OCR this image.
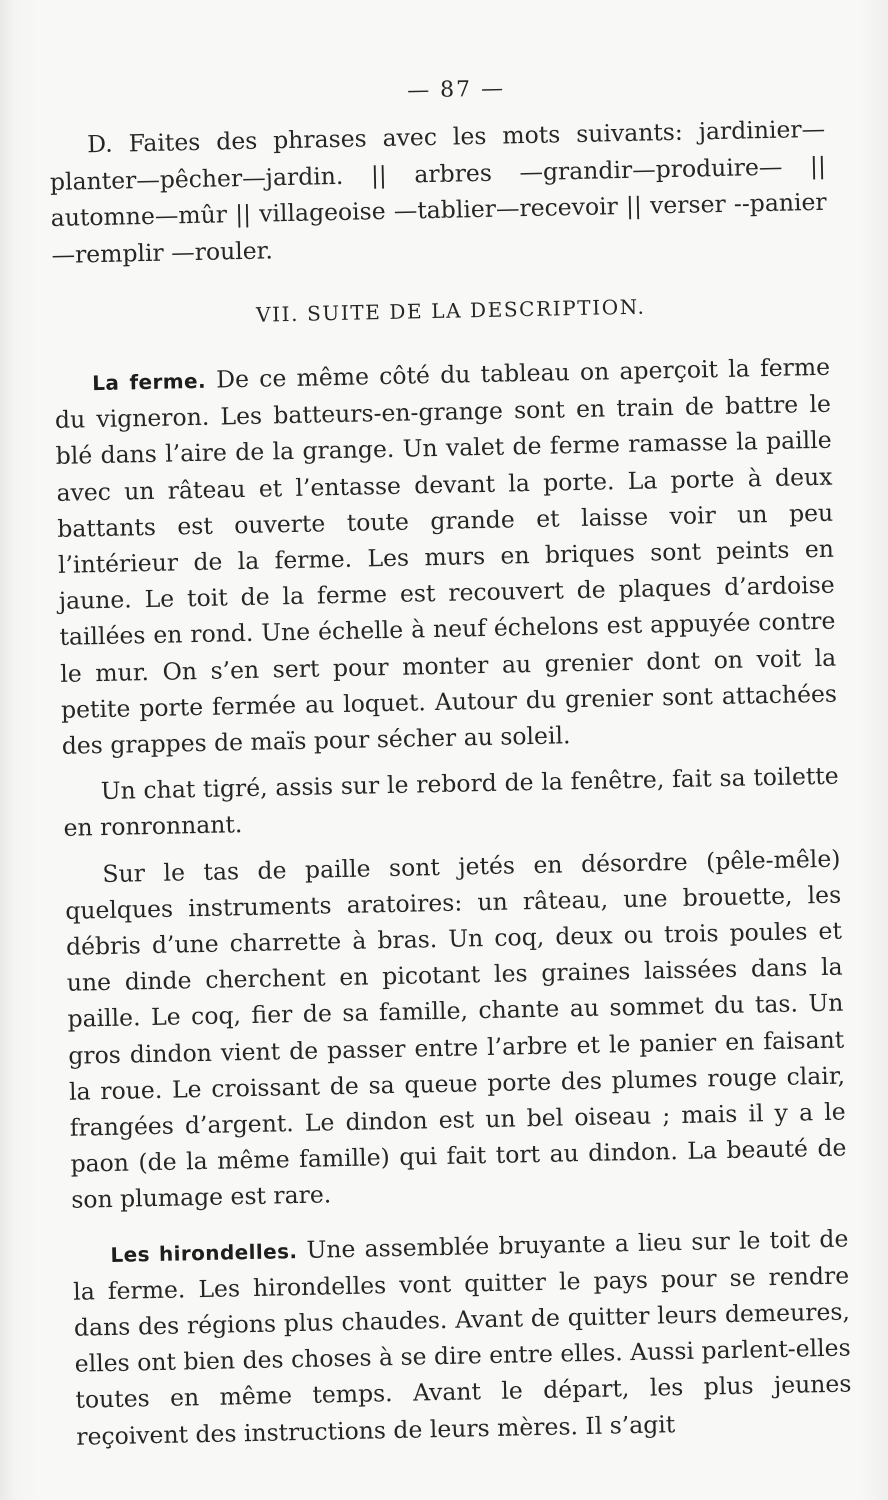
— 87 —

D. Faites des phrases avec les mots suivants: jardinier— planter—pêcher—jardin. || arbres —grandir—produire— || automne—mûr || villageoise —tablier—recevoir || verser --panier —remplir —rouler.

VII. SUITE DE LA DESCRIPTION.

La ferme. De ce même côté du tableau on aperçoit la ferme du vigneron. Les batteurs-en-grange sont en train de battre le blé dans l’aire de la grange. Un valet de ferme ramasse la paille avec un râteau et l’entasse devant la porte. La porte à deux battants est ouverte toute grande et laisse voir un peu l’intérieur de la ferme. Les murs en briques sont peints en jaune. Le toit de la ferme est recouvert de plaques d’ardoise taillées en rond. Une échelle à neuf échelons est appuyée contre le mur. On s’en sert pour monter au grenier dont on voit la petite porte fermée au loquet. Autour du grenier sont attachées des grappes de maïs pour sécher au soleil.

Un chat tigré, assis sur le rebord de la fenêtre, fait sa toilette en ronronnant.

Sur le tas de paille sont jetés en désordre (pêle-mêle) quelques instruments aratoires: un râteau, une brouette, les débris d’une charrette à bras. Un coq, deux ou trois poules et une dinde cherchent en picotant les graines laissées dans la paille. Le coq, fier de sa famille, chante au sommet du tas. Un gros dindon vient de passer entre l’arbre et le panier en faisant la roue. Le croissant de sa queue porte des plumes rouge clair, frangées d’argent. Le dindon est un bel oiseau ; mais il y a le paon (de la même famille) qui fait tort au dindon. La beauté de son plumage est rare.

Les hirondelles. Une assemblée bruyante a lieu sur le toit de la ferme. Les hirondelles vont quitter le pays pour se rendre dans des régions plus chaudes. Avant de quitter leurs demeures, elles ont bien des choses à se dire entre elles. Aussi parlent-elles toutes en même temps. Avant le départ, les plus jeunes reçoivent des instructions de leurs mères. Il s’agit
